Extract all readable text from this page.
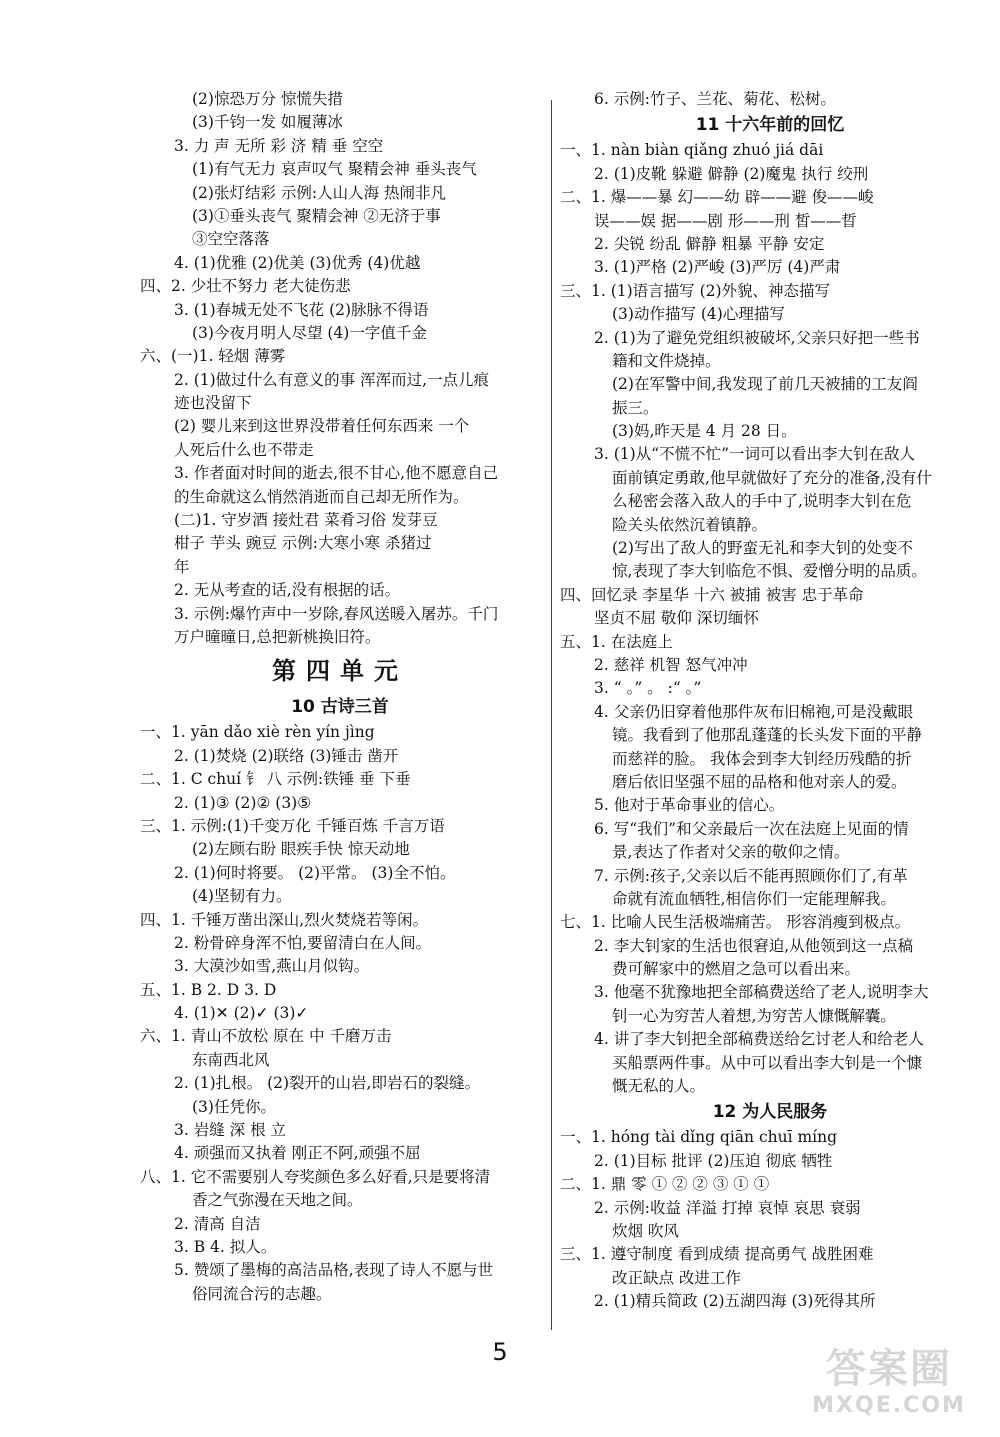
(2)惊恐万分 惊慌失措
(3)千钧一发 如履薄冰
3. 力 声 无所 彩 济 精 垂 空空
(1)有气无力 哀声叹气 聚精会神 垂头丧气
(2)张灯结彩 示例:人山人海 热闹非凡
(3)①垂头丧气 聚精会神 ②无济于事
③空空落落
4. (1)优雅 (2)优美 (3)优秀 (4)优越
四、2. 少壮不努力 老大徒伤悲
3. (1)春城无处不飞花 (2)脉脉不得语
(3)今夜月明人尽望 (4)一字值千金
六、(一)1. 轻烟 薄雾
2. (1)做过什么有意义的事 浑浑而过,一点儿痕
迹也没留下
(2) 婴儿来到这世界没带着任何东西来 一个
人死后什么也不带走
3. 作者面对时间的逝去,很不甘心,他不愿意自己
的生命就这么悄然消逝而自己却无所作为。
(二)1. 守岁酒 接灶君 菜肴习俗 发芽豆
柑子 芋头 豌豆 示例:大寒小寒 杀猪过
年
2. 无从考查的话,没有根据的话。
3. 示例:爆竹声中一岁除,春风送暖入屠苏。千门
万户曈曈日,总把新桃换旧符。
第四单元
10 古诗三首
一、1. yān dǎo xiè rèn yín jìng
2. (1)焚烧 (2)联络 (3)锤击 凿开
二、1. C chuí 钅 八 示例:铁锤 垂 下垂
2. (1)③ (2)② (3)⑤
三、1. 示例:(1)千变万化 千锤百炼 千言万语
(2)左顾右盼 眼疾手快 惊天动地
2. (1)何时将要。 (2)平常。 (3)全不怕。
(4)坚韧有力。
四、1. 千锤万凿出深山,烈火焚烧若等闲。
2. 粉骨碎身浑不怕,要留清白在人间。
3. 大漠沙如雪,燕山月似钩。
五、1. B 2. D 3. D
4. (1)✕ (2)✓ (3)✓
六、1. 青山不放松 原在 中 千磨万击
东南西北风
2. (1)扎根。 (2)裂开的山岩,即岩石的裂缝。
(3)任凭你。
3. 岩缝 深 根 立
4. 顽强而又执着 刚正不阿,顽强不屈
八、1. 它不需要别人夸奖颜色多么好看,只是要将清
香之气弥漫在天地之间。
2. 清高 自洁
3. B 4. 拟人。
5. 赞颂了墨梅的高洁品格,表现了诗人不愿与世
俗同流合污的志趣。
6. 示例:竹子、兰花、菊花、松树。
11 十六年前的回忆
一、1. nàn biàn qiǎng zhuó jiá dāi
2. (1)皮靴 躲避 僻静 (2)魔鬼 执行 绞刑
二、1. 爆——暴 幻——幼 辟——避 俊——峻
误——娱 据——剧 形——刑 皙——晢
2. 尖锐 纷乱 僻静 粗暴 平静 安定
3. (1)严格 (2)严峻 (3)严厉 (4)严肃
三、1. (1)语言描写 (2)外貌、神态描写
(3)动作描写 (4)心理描写
2. (1)为了避免党组织被破坏,父亲只好把一些书
籍和文件烧掉。
(2)在军警中间,我发现了前几天被捕的工友阎
振三。
(3)妈,昨天是 4 月 28 日。
3. (1)从“不慌不忙”一词可以看出李大钊在敌人
面前镇定勇敢,他早就做好了充分的准备,没有什
么秘密会落入敌人的手中了,说明李大钊在危
险关头依然沉着镇静。
(2)写出了敌人的野蛮无礼和李大钊的处变不
惊,表现了李大钊临危不惧、爱憎分明的品质。
四、回忆录 李星华 十六 被捕 被害 忠于革命
坚贞不屈 敬仰 深切缅怀
五、1. 在法庭上
2. 慈祥 机智 怒气冲冲
3. “ 。” 。 :“ 。”
4. 父亲仍旧穿着他那件灰布旧棉袍,可是没戴眼
镜。我看到了他那乱蓬蓬的长头发下面的平静
而慈祥的脸。 我体会到李大钊经历残酷的折
磨后依旧坚强不屈的品格和他对亲人的爱。
5. 他对于革命事业的信心。
6. 写“我们”和父亲最后一次在法庭上见面的情
景,表达了作者对父亲的敬仰之情。
7. 示例:孩子,父亲以后不能再照顾你们了,有革
命就有流血牺牲,相信你们一定能理解我。
七、1. 比喻人民生活极端痛苦。 形容消瘦到极点。
2. 李大钊家的生活也很窘迫,从他领到这一点稿
费可解家中的燃眉之急可以看出来。
3. 他毫不犹豫地把全部稿费送给了老人,说明李大
钊一心为穷苦人着想,为穷苦人慷慨解囊。
4. 讲了李大钊把全部稿费送给乞讨老人和给老人
买船票两件事。从中可以看出李大钊是一个慷
慨无私的人。
12 为人民服务
一、1. hóng tài dǐng qiān chuī míng
2. (1)目标 批评 (2)压迫 彻底 牺牲
二、1. 鼎 零 ① ② ② ③ ① ①
2. 示例:收益 洋溢 打掉 哀悼 哀思 衰弱
炊烟 吹风
三、1. 遵守制度 看到成绩 提高勇气 战胜困难
改正缺点 改进工作
2. (1)精兵简政 (2)五湖四海 (3)死得其所
5	答案圈
MXQE.COM
